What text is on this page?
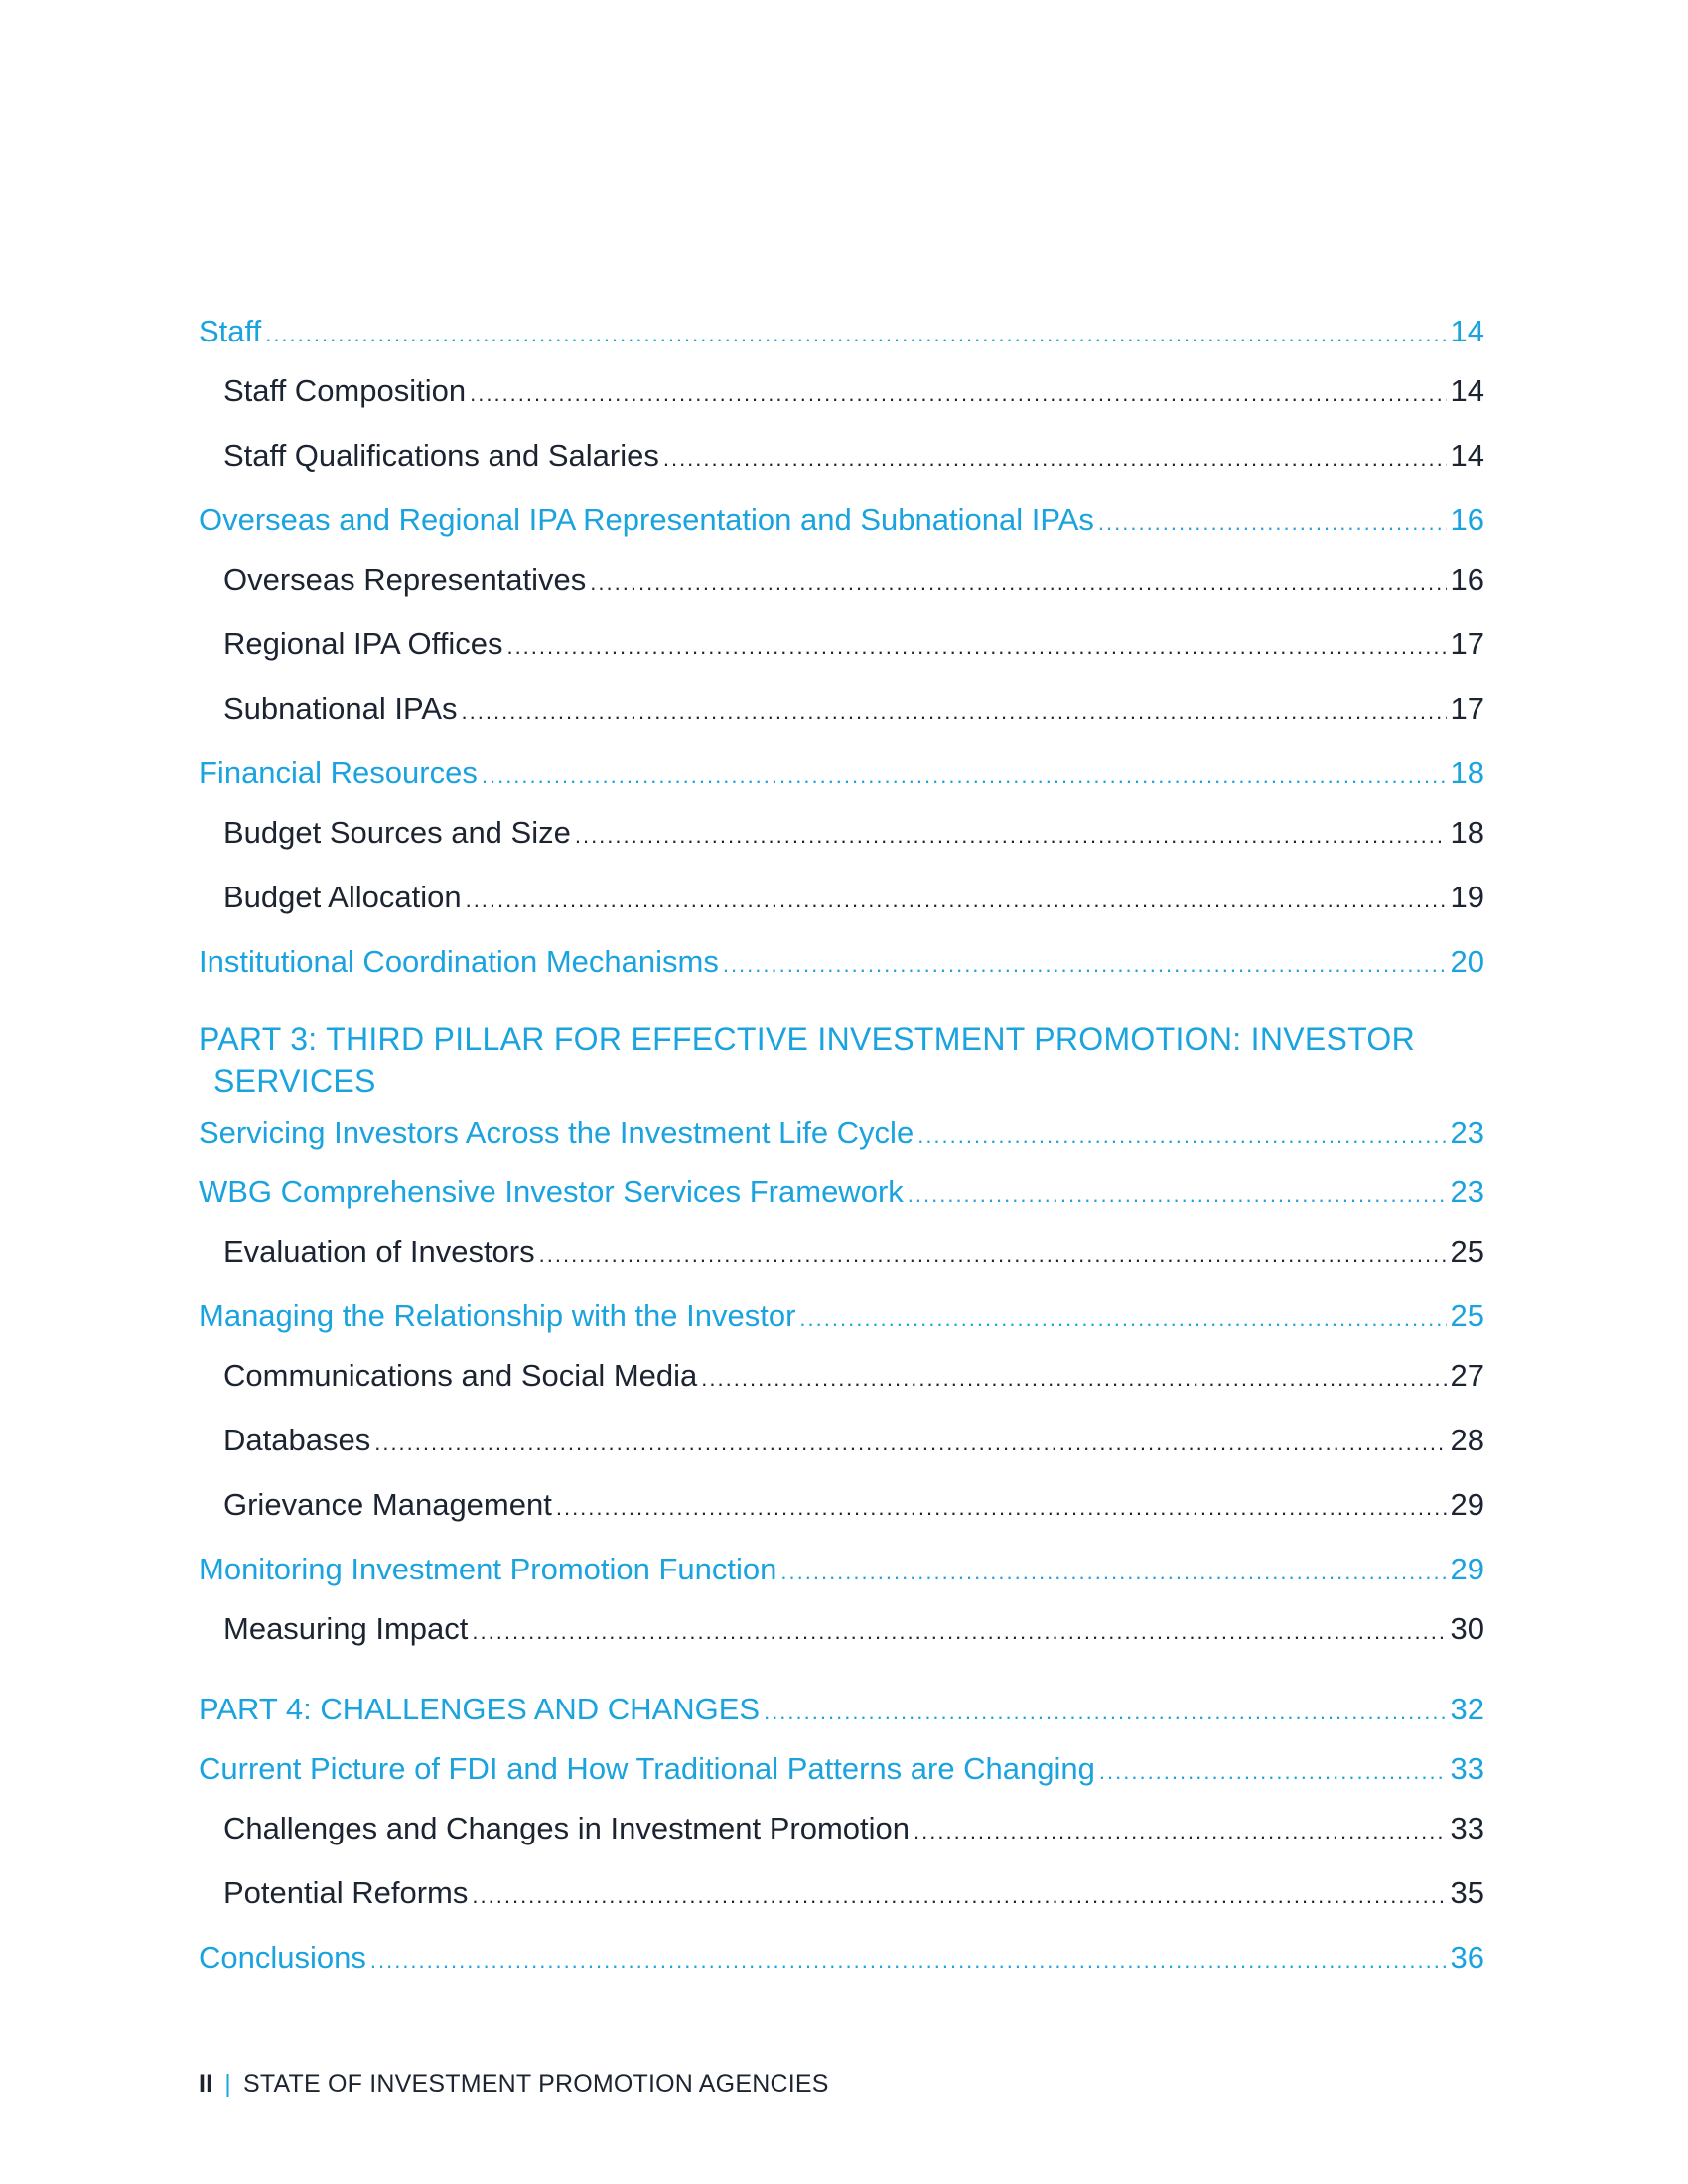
Staff .....	14
Staff Composition .....	14
Staff Qualifications and Salaries .....	14
Overseas and Regional IPA Representation and Subnational IPAs .....	16
Overseas Representatives .....	16
Regional IPA Offices .....	17
Subnational IPAs .....	17
Financial Resources .....	18
Budget Sources and Size .....	18
Budget Allocation .....	19
Institutional Coordination Mechanisms .....	20
PART 3: THIRD PILLAR FOR EFFECTIVE INVESTMENT PROMOTION: INVESTOR
SERVICES
Servicing Investors Across the Investment Life Cycle .....	23
WBG Comprehensive Investor Services Framework .....	23
Evaluation of Investors .....	25
Managing the Relationship with the Investor .....	25
Communications and Social Media .....	27
Databases .....	28
Grievance Management .....	29
Monitoring Investment Promotion Function .....	29
Measuring Impact .....	30
PART 4: CHALLENGES AND CHANGES .....	32
Current Picture of FDI and How Traditional Patterns are Changing .....	33
Challenges and Changes in Investment Promotion .....	33
Potential Reforms .....	35
Conclusions .....	36
II | STATE OF INVESTMENT PROMOTION AGENCIES
